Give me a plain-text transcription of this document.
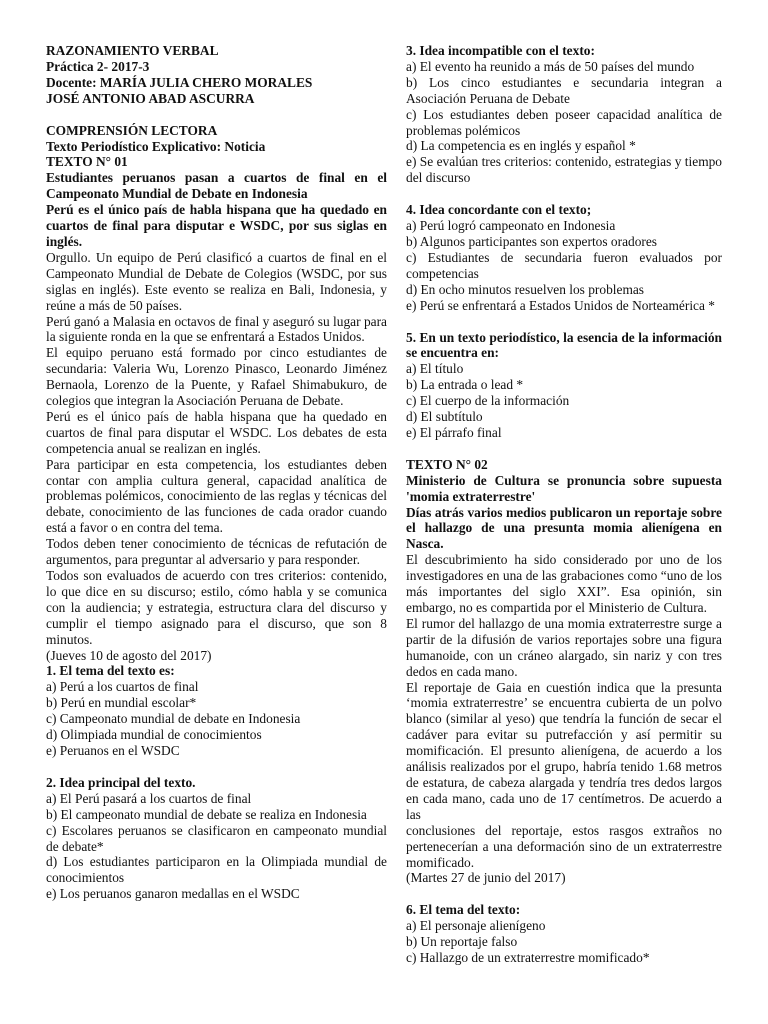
RAZONAMIENTO VERBAL

Práctica 2- 2017-3

Docente: MARÍA JULIA CHERO MORALES

JOSÉ ANTONIO ABAD ASCURRA

COMPRENSIÓN LECTORA

Texto Periodístico Explicativo: Noticia

TEXTO N° 01

Estudiantes peruanos pasan a cuartos de final en el Campeonato Mundial de Debate en Indonesia

Perú es el único país de habla hispana que ha quedado en cuartos de final para disputar e WSDC, por sus siglas en inglés.

Orgullo. Un equipo de Perú clasificó a cuartos de final en el Campeonato Mundial de Debate de Colegios (WSDC, por sus siglas en inglés). Este evento se realiza en Bali, Indonesia, y reúne a más de 50 países.

Perú ganó a Malasia en octavos de final y aseguró su lugar para la siguiente ronda en la que se enfrentará a Estados Unidos.

El equipo peruano está formado por cinco estudiantes de secundaria: Valeria Wu, Lorenzo Pinasco, Leonardo Jiménez Bernaola, Lorenzo de la Puente, y Rafael Shimabukuro, de colegios que integran la Asociación Peruana de Debate.

Perú es el único país de habla hispana que ha quedado en cuartos de final para disputar el WSDC. Los debates de esta competencia anual se realizan en inglés.

Para participar en esta competencia, los estudiantes deben contar con amplia cultura general, capacidad analítica de problemas polémicos, conocimiento de las reglas y técnicas del debate, conocimiento de las funciones de cada orador cuando está a favor o en contra del tema.

Todos deben tener conocimiento de técnicas de refutación de argumentos, para preguntar al adversario y para responder.

Todos son evaluados de acuerdo con tres criterios: contenido, lo que dice en su discurso; estilo, cómo habla y se comunica con la audiencia; y estrategia, estructura clara del discurso y cumplir el tiempo asignado para el discurso, que son 8 minutos.

(Jueves 10 de agosto del 2017)

1. El tema del texto es:

a) Perú a los cuartos de final

b) Perú en mundial escolar*

c) Campeonato mundial de debate en Indonesia

d) Olimpiada mundial de conocimientos

e) Peruanos en el WSDC

2. Idea principal del texto.

a) El Perú pasará a los cuartos de final

b) El campeonato mundial de debate se realiza en Indonesia

c) Escolares peruanos se clasificaron en campeonato mundial de debate*

d) Los estudiantes participaron en la Olimpiada mundial de conocimientos

e) Los peruanos ganaron medallas en el WSDC

3. Idea incompatible con el texto:

a) El evento ha reunido a más de 50 países del mundo

b) Los cinco estudiantes e secundaria integran a Asociación Peruana de Debate

c) Los estudiantes deben poseer capacidad analítica de problemas polémicos

d) La competencia es en inglés y español *

e) Se evalúan tres criterios: contenido, estrategias y tiempo del discurso

4. Idea concordante con el texto;

a) Perú logró campeonato en Indonesia

b) Algunos participantes son expertos oradores

c) Estudiantes de secundaria fueron evaluados por competencias

d) En ocho minutos resuelven los problemas

e) Perú se enfrentará a Estados Unidos de Norteamérica *

5. En un texto periodístico, la esencia de la información se encuentra en:

a) El título

b) La entrada o lead *

c) El cuerpo de la información

d) El subtítulo

e) El párrafo final

TEXTO N° 02

Ministerio de Cultura se pronuncia sobre supuesta 'momia extraterrestre'

Días atrás varios medios publicaron un reportaje sobre el hallazgo de una presunta momia alienígena en Nasca.

El descubrimiento ha sido considerado por uno de los investigadores en una de las grabaciones como “uno de los más importantes del siglo XXI”. Esa opinión, sin embargo, no es compartida por el Ministerio de Cultura.

El rumor del hallazgo de una momia extraterrestre surge a partir de la difusión de varios reportajes sobre una figura humanoide, con un cráneo alargado, sin nariz y con tres dedos en cada mano.

El reportaje de Gaia en cuestión indica que la presunta ‘momia extraterrestre’ se encuentra cubierta de un polvo blanco (similar al yeso) que tendría la función de secar el cadáver para evitar su putrefacción y así permitir su momificación. El presunto alienígena, de acuerdo a los análisis realizados por el grupo, habría tenido 1.68 metros de estatura, de cabeza alargada y tendría tres dedos largos en cada mano, cada uno de 17 centímetros. De acuerdo a las

conclusiones del reportaje, estos rasgos extraños no pertenecerían a una deformación sino de un extraterrestre momificado.

(Martes 27 de junio del 2017)

6. El tema del texto:

a) El personaje alienígeno

b) Un reportaje falso

c) Hallazgo de un extraterrestre momificado*
